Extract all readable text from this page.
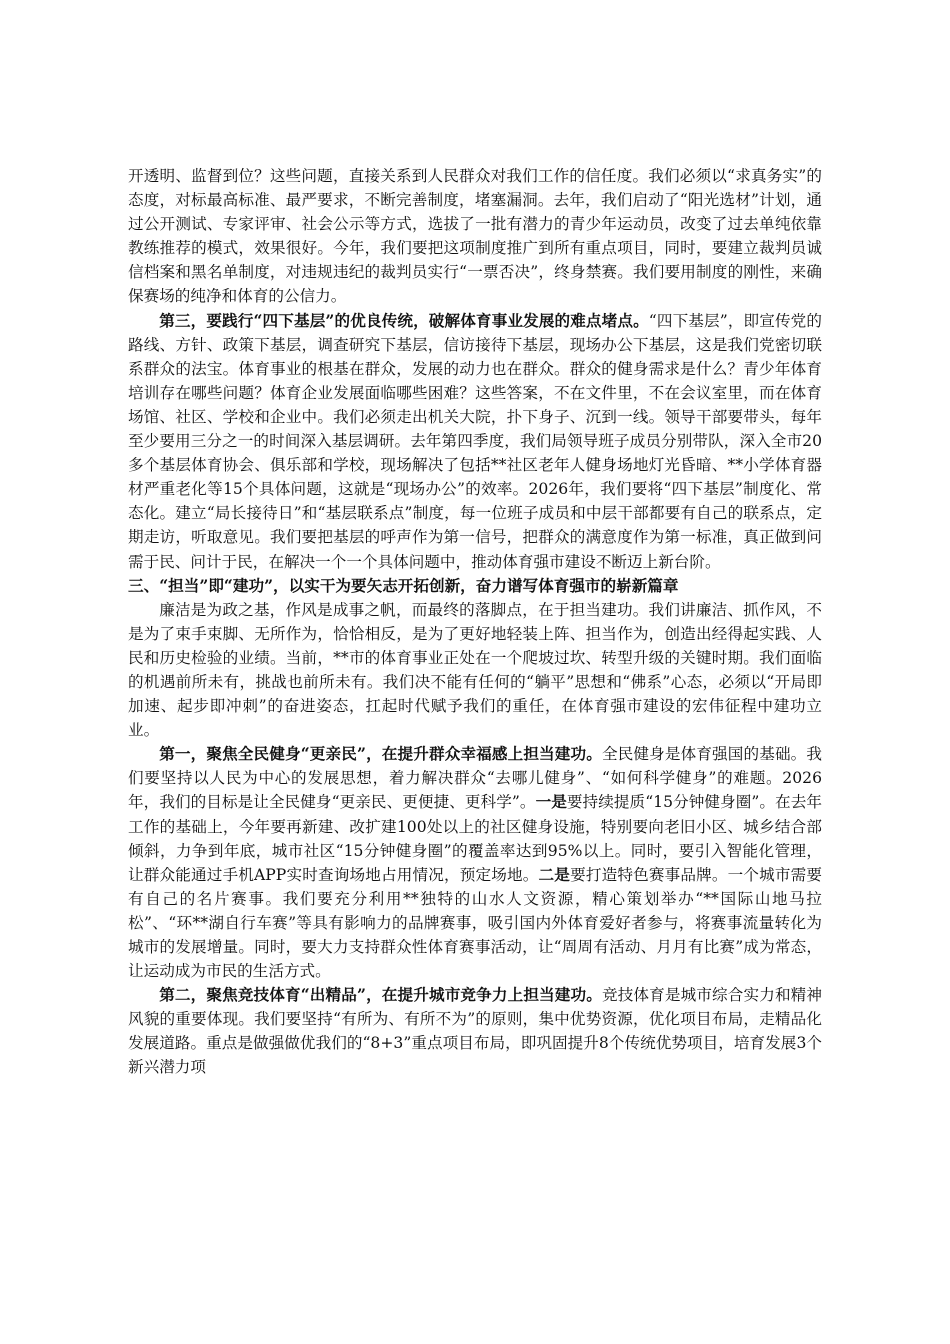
开透明、监督到位？这些问题，直接关系到人民群众对我们工作的信任度。我们必须以“求真务实”的态度，对标最高标准、最严要求，不断完善制度，堵塞漏洞。去年，我们启动了“阳光选材”计划，通过公开测试、专家评审、社会公示等方式，选拔了一批有潜力的青少年运动员，改变了过去单纯依靠教练推荐的模式，效果很好。今年，我们要把这项制度推广到所有重点项目，同时，要建立裁判员诚信档案和黑名单制度，对违规违纪的裁判员实行“一票否决”，终身禁赛。我们要用制度的刚性，来确保赛场的纯净和体育的公信力。

第三，要践行“四下基层”的优良传统，破解体育事业发展的难点堵点。“四下基层”，即宣传党的路线、方针、政策下基层，调查研究下基层，信访接待下基层，现场办公下基层，这是我们党密切联系群众的法宝。体育事业的根基在群众，发展的动力也在群众。群众的健身需求是什么？青少年体育培训存在哪些问题？体育企业发展面临哪些困难？这些答案，不在文件里，不在会议室里，而在体育场馆、社区、学校和企业中。我们必须走出机关大院，扑下身子、沉到一线。领导干部要带头，每年至少要用三分之一的时间深入基层调研。去年第四季度，我们局领导班子成员分别带队，深入全市20多个基层体育协会、俱乐部和学校，现场解决了包括**社区老年人健身场地灯光昏暗、**小学体育器材严重老化等15个具体问题，这就是“现场办公”的效率。2026年，我们要将“四下基层”制度化、常态化。建立“局长接待日”和“基层联系点”制度，每一位班子成员和中层干部都要有自己的联系点，定期走访，听取意见。我们要把基层的呼声作为第一信号，把群众的满意度作为第一标准，真正做到问需于民、问计于民，在解决一个一个具体问题中，推动体育强市建设不断迈上新台阶。

三、“担当”即“建功”，以实干为要矢志开拓创新，奋力谱写体育强市的崭新篇章

廉洁是为政之基，作风是成事之帆，而最终的落脚点，在于担当建功。我们讲廉洁、抓作风，不是为了束手束脚、无所作为，恰恰相反，是为了更好地轻装上阵、担当作为，创造出经得起实践、人民和历史检验的业绩。当前，**市的体育事业正处在一个爬坡过坎、转型升级的关键时期。我们面临的机遇前所未有，挑战也前所未有。我们决不能有任何的“躺平”思想和“佛系”心态，必须以“开局即加速、起步即冲刺”的奋进姿态，扛起时代赋予我们的重任，在体育强市建设的宏伟征程中建功立业。

第一，聚焦全民健身“更亲民”，在提升群众幸福感上担当建功。全民健身是体育强国的基础。我们要坚持以人民为中心的发展思想，着力解决群众“去哪儿健身”、“如何科学健身”的难题。2026年，我们的目标是让全民健身“更亲民、更便捷、更科学”。一是要持续提质“15分钟健身圈”。在去年工作的基础上，今年要再新建、改扩建100处以上的社区健身设施，特别要向老旧小区、城乡结合部倾斜，力争到年底，城市社区“15分钟健身圈”的覆盖率达到95%以上。同时，要引入智能化管理，让群众能通过手机APP实时查询场地占用情况，预定场地。二是要打造特色赛事品牌。一个城市需要有自己的名片赛事。我们要充分利用**独特的山水人文资源，精心策划举办“**国际山地马拉松”、“环**湖自行车赛”等具有影响力的品牌赛事，吸引国内外体育爱好者参与，将赛事流量转化为城市的发展增量。同时，要大力支持群众性体育赛事活动，让“周周有活动、月月有比赛”成为常态，让运动成为市民的生活方式。

第二，聚焦竞技体育“出精品”，在提升城市竞争力上担当建功。竞技体育是城市综合实力和精神风貌的重要体现。我们要坚持“有所为、有所不为”的原则，集中优势资源，优化项目布局，走精品化发展道路。重点是做强做优我们的“8+3”重点项目布局，即巩固提升8个传统优势项目，培育发展3个新兴潜力项
